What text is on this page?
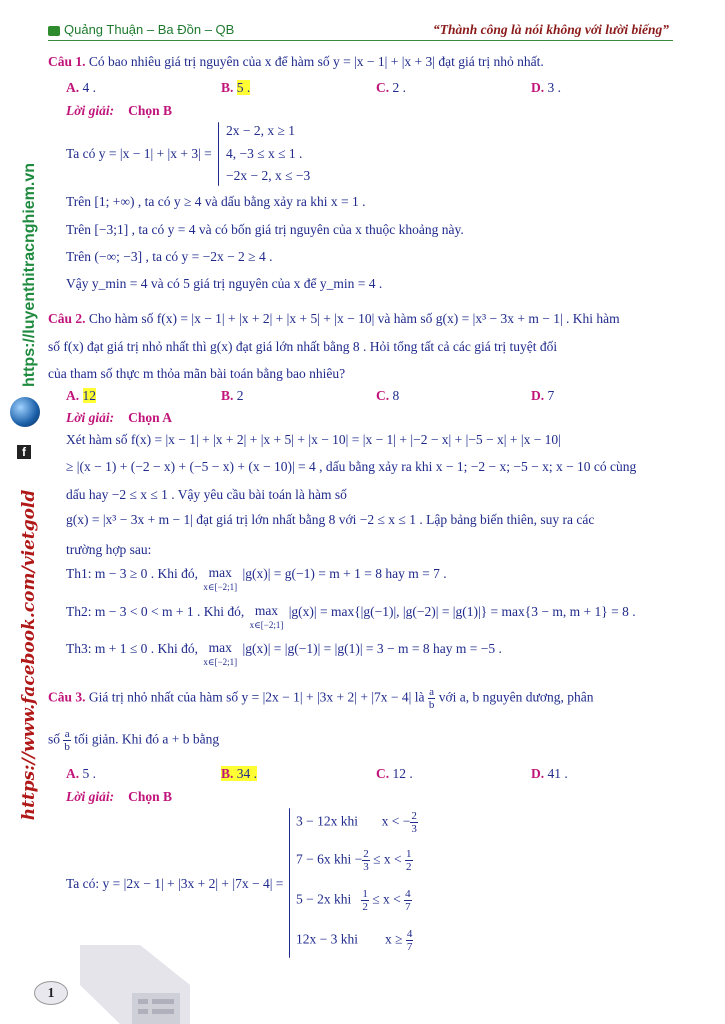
Quảng Thuận – Ba Đồn – QB	“Thành công là nói không với lười biếng”
https://luyenthitracnghiem.vn
f
https://www.facebook.com/vietgold
Câu 1. Có bao nhiêu giá trị nguyên của x để hàm số y = |x − 1| + |x + 3| đạt giá trị nhỏ nhất.
A. 4 .	B. 5 .	C. 2 .	D. 3 .
Lời giải: Chọn B
Ta có y = |x − 1| + |x + 3| =
2x − 2, x ≥ 1
4, −3 ≤ x ≤ 1 .
−2x − 2, x ≤ −3
Trên [1; +∞) , ta có y ≥ 4 và dấu bằng xảy ra khi x = 1 .
Trên [−3;1] , ta có y = 4 và có bốn giá trị nguyên của x thuộc khoảng này.
Trên (−∞; −3] , ta có y = −2x − 2 ≥ 4 .
Vậy y_min = 4 và có 5 giá trị nguyên của x để y_min = 4 .
Câu 2. Cho hàm số f(x) = |x − 1| + |x + 2| + |x + 5| + |x − 10| và hàm số g(x) = |x³ − 3x + m − 1| . Khi hàm
số f(x) đạt giá trị nhỏ nhất thì g(x) đạt giá lớn nhất bằng 8 . Hỏi tổng tất cả các giá trị tuyệt đối
của tham số thực m thỏa mãn bài toán bằng bao nhiêu?
A. 12	B. 2	C. 8	D. 7
Lời giải: Chọn A
Xét hàm số f(x) = |x − 1| + |x + 2| + |x + 5| + |x − 10| = |x − 1| + |−2 − x| + |−5 − x| + |x − 10|
≥ |(x − 1) + (−2 − x) + (−5 − x) + (x − 10)| = 4 , dấu bằng xảy ra khi x − 1; −2 − x; −5 − x; x − 10 có cùng
dấu hay −2 ≤ x ≤ 1 . Vậy yêu cầu bài toán là hàm số
g(x) = |x³ − 3x + m − 1| đạt giá trị lớn nhất bằng 8 với −2 ≤ x ≤ 1 . Lập bảng biến thiên, suy ra các
trường hợp sau:
Th1: m − 3 ≥ 0 . Khi đó, max
x∈[−2;1] |g(x)| = g(−1) = m + 1 = 8 hay m = 7 .
Th2: m − 3 < 0 < m + 1 . Khi đó, max
x∈[−2;1] |g(x)| = max{|g(−1)|, |g(−2)| = |g(1)|} = max{3 − m, m + 1} = 8 .
Th3: m + 1 ≤ 0 . Khi đó, max
x∈[−2;1] |g(x)| = |g(−1)| = |g(1)| = 3 − m = 8 hay m = −5 .
Câu 3. Giá trị nhỏ nhất của hàm số y = |2x − 1| + |3x + 2| + |7x − 4| là $\frac{a}{b}$ với a, b nguyên dương, phân
số $\frac{a}{b}$ tối giản. Khi đó a + b bằng
A. 5 .	B. 34 .	C. 12 .	D. 41 .
Lời giải: Chọn B
Ta có: y = |2x − 1| + |3x + 2| + |7x − 4| =
3 − 12x khi x < − $\frac{2}{3}$
7 − 6x khi − $\frac{2}{3} \le x < \frac{1}{2}$
5 − 2x khi $\frac{1}{2} \le x < \frac{4}{7}$
12x − 3 khi $x \ge \frac{4}{7}$
1
